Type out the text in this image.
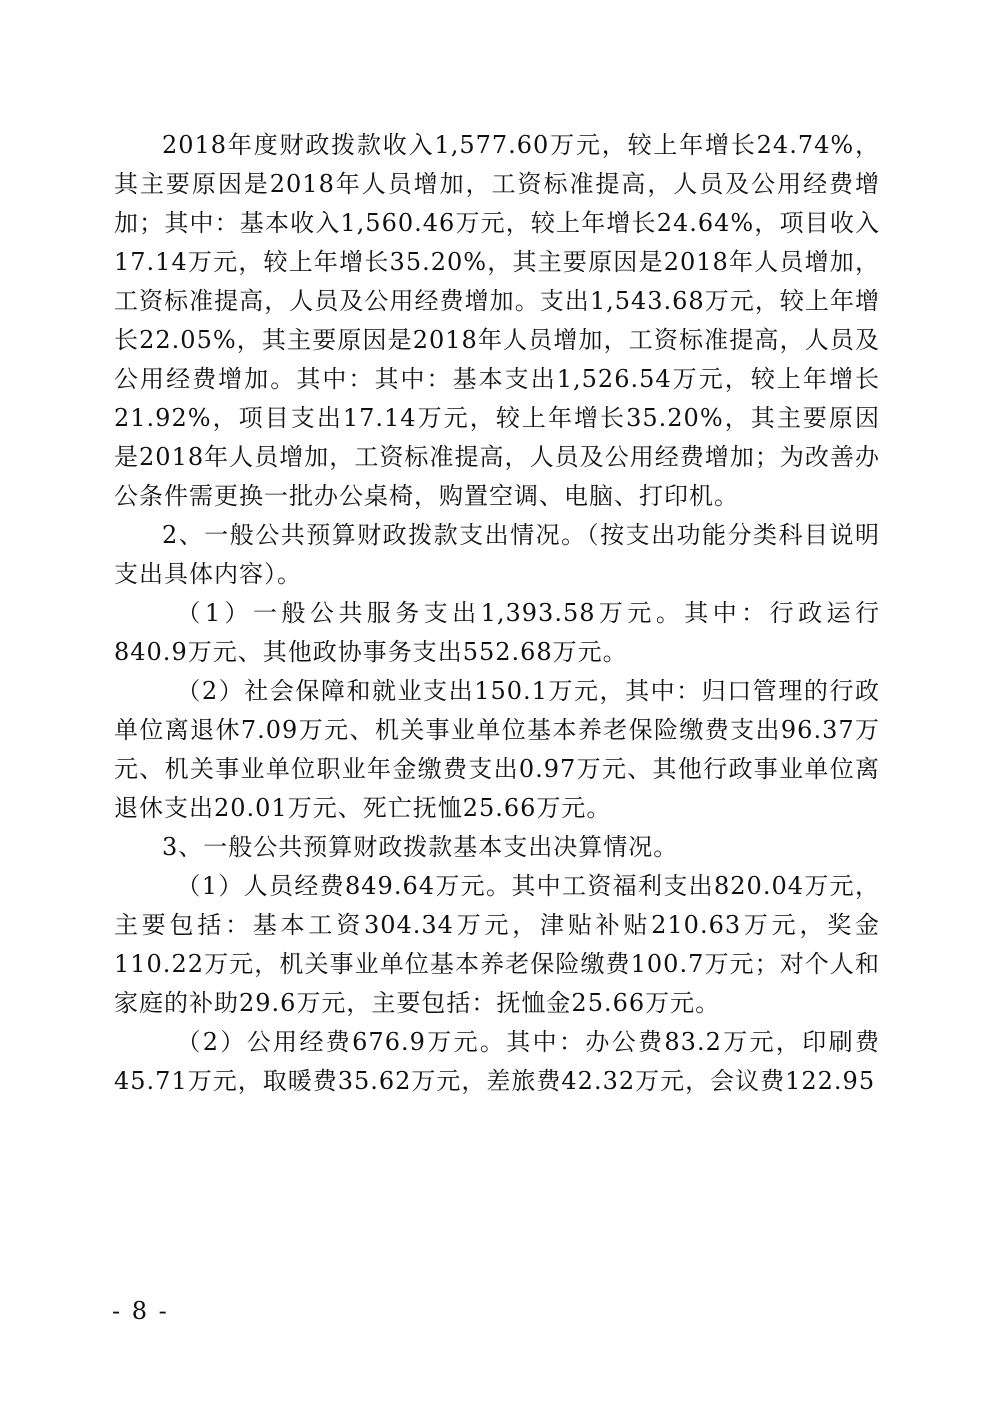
2018年度财政拨款收入1,577.60万元，较上年增长24.74%，其主要原因是2018年人员增加，工资标准提高，人员及公用经费增加；其中：基本收入1,560.46万元，较上年增长24.64%，项目收入17.14万元，较上年增长35.20%，其主要原因是2018年人员增加，工资标准提高，人员及公用经费增加。支出1,543.68万元，较上年增长22.05%，其主要原因是2018年人员增加，工资标准提高，人员及公用经费增加。其中：其中：基本支出1,526.54万元，较上年增长21.92%，项目支出17.14万元，较上年增长35.20%，其主要原因是2018年人员增加，工资标准提高，人员及公用经费增加；为改善办公条件需更换一批办公桌椅，购置空调、电脑、打印机。

2、一般公共预算财政拨款支出情况。（按支出功能分类科目说明支出具体内容）。

（1）一般公共服务支出1,393.58万元。其中：行政运行840.9万元、其他政协事务支出552.68万元。

（2）社会保障和就业支出150.1万元，其中：归口管理的行政单位离退休7.09万元、机关事业单位基本养老保险缴费支出96.37万元、机关事业单位职业年金缴费支出0.97万元、其他行政事业单位离退休支出20.01万元、死亡抚恤25.66万元。

3、一般公共预算财政拨款基本支出决算情况。

（1）人员经费849.64万元。其中工资福利支出820.04万元，主要包括：基本工资304.34万元，津贴补贴210.63万元，奖金110.22万元，机关事业单位基本养老保险缴费100.7万元；对个人和家庭的补助29.6万元，主要包括：抚恤金25.66万元。

（2）公用经费676.9万元。其中：办公费83.2万元，印刷费45.71万元，取暖费35.62万元，差旅费42.32万元，会议费122.95

- 8 -
